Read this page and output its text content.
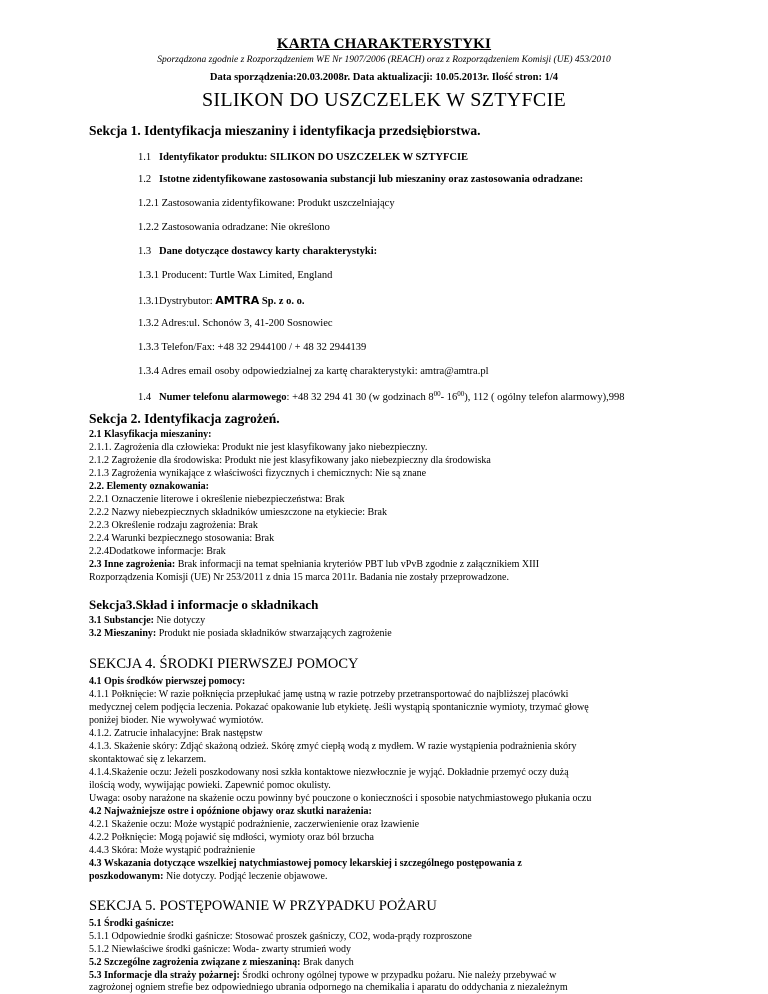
KARTA CHARAKTERYSTYKI
Sporządzona zgodnie z Rozporządzeniem WE Nr 1907/2006 (REACH) oraz z Rozporządzeniem Komisji (UE) 453/2010
Data sporządzenia:20.03.2008r. Data aktualizacji: 10.05.2013r. Ilość stron: 1/4
SILIKON DO USZCZELEK W SZTYFCIE
Sekcja 1. Identyfikacja mieszaniny i identyfikacja przedsiębiorstwa.
1.1 Identyfikator produktu: SILIKON DO USZCZELEK W SZTYFCIE
1.2 Istotne zidentyfikowane zastosowania substancji lub mieszaniny oraz zastosowania odradzane:
1.2.1 Zastosowania zidentyfikowane: Produkt uszczelniający
1.2.2 Zastosowania odradzane: Nie określono
1.3 Dane dotyczące dostawcy karty charakterystyki:
1.3.1 Producent: Turtle Wax Limited, England
1.3.1Dystrybutor: AMTRA Sp. z o. o.
1.3.2 Adres:ul. Schonów 3, 41-200 Sosnowiec
1.3.3 Telefon/Fax: +48 32 2944100 / + 48 32 2944139
1.3.4 Adres email osoby odpowiedzialnej za kartę charakterystyki: amtra@amtra.pl
1.4 Numer telefonu alarmowego: +48 32 294 41 30 (w godzinach $8^{00}-$ $16^{00}$), 112 ( ogólny telefon alarmowy),998
Sekcja 2. Identyfikacja zagrożeń.
2.1 Klasyfikacja mieszaniny:
2.1.1. Zagrożenia dla człowieka: Produkt nie jest klasyfikowany jako niebezpieczny.
2.1.2 Zagrożenie dla środowiska: Produkt nie jest klasyfikowany jako niebezpieczny dla środowiska
2.1.3 Zagrożenia wynikające z właściwości fizycznych i chemicznych: Nie są znane
2.2. Elementy oznakowania:
2.2.1 Oznaczenie literowe i określenie niebezpieczeństwa: Brak
2.2.2 Nazwy niebezpiecznych składników umieszczone na etykiecie: Brak
2.2.3 Określenie rodzaju zagrożenia: Brak
2.2.4 Warunki bezpiecznego stosowania: Brak
2.2.4Dodatkowe informacje: Brak
2.3 Inne zagrożenia: Brak informacji na temat spełniania kryteriów PBT lub vPvB zgodnie z załącznikiem XIII
Rozporządzenia Komisji (UE) Nr 253/2011 z dnia 15 marca 2011r. Badania nie zostały przeprowadzone.
Sekcja3.Skład i informacje o składnikach
3.1 Substancje: Nie dotyczy
3.2 Mieszaniny: Produkt nie posiada składników stwarzających zagrożenie
SEKCJA 4. ŚRODKI PIERWSZEJ POMOCY
4.1 Opis środków pierwszej pomocy:
4.1.1 Połknięcie: W razie połknięcia przepłukać jamę ustną w razie potrzeby przetransportować do najbliższej placówki
medycznej celem podjęcia leczenia. Pokazać opakowanie lub etykietę. Jeśli wystąpią spontanicznie wymioty, trzymać głowę
poniżej bioder. Nie wywoływać wymiotów.
4.1.2. Zatrucie inhalacyjne: Brak następstw
4.1.3. Skażenie skóry: Zdjąć skażoną odzież. Skórę zmyć ciepłą wodą z mydłem. W razie wystąpienia podrażnienia skóry
skontaktować się z lekarzem.
4.1.4.Skażenie oczu: Jeżeli poszkodowany nosi szkła kontaktowe niezwłocznie je wyjąć. Dokładnie przemyć oczy dużą
ilością wody, wywijając powieki. Zapewnić pomoc okulisty.
Uwaga: osoby narażone na skażenie oczu powinny być pouczone o konieczności i sposobie natychmiastowego płukania oczu
4.2 Najważniejsze ostre i opóźnione objawy oraz skutki narażenia:
4.2.1 Skażenie oczu: Może wystąpić podrażnienie, zaczerwienienie oraz łzawienie
4.2.2 Połknięcie: Mogą pojawić się mdłości, wymioty oraz ból brzucha
4.4.3 Skóra: Może wystąpić podrażnienie
4.3 Wskazania dotyczące wszelkiej natychmiastowej pomocy lekarskiej i szczególnego postępowania z
poszkodowanym: Nie dotyczy. Podjąć leczenie objawowe.
SEKCJA 5. POSTĘPOWANIE W PRZYPADKU POŻARU
5.1 Środki gaśnicze:
5.1.1 Odpowiednie środki gaśnicze: Stosować proszek gaśniczy, CO2, woda-prądy rozproszone
5.1.2 Niewłaściwe środki gaśnicze: Woda- zwarty strumień wody
5.2 Szczególne zagrożenia związane z mieszaniną: Brak danych
5.3 Informacje dla straży pożarnej: Środki ochrony ogólnej typowe w przypadku pożaru. Nie należy przebywać w
zagrożonej ogniem strefie bez odpowiedniego ubrania odpornego na chemikalia i aparatu do oddychania z niezależnym
